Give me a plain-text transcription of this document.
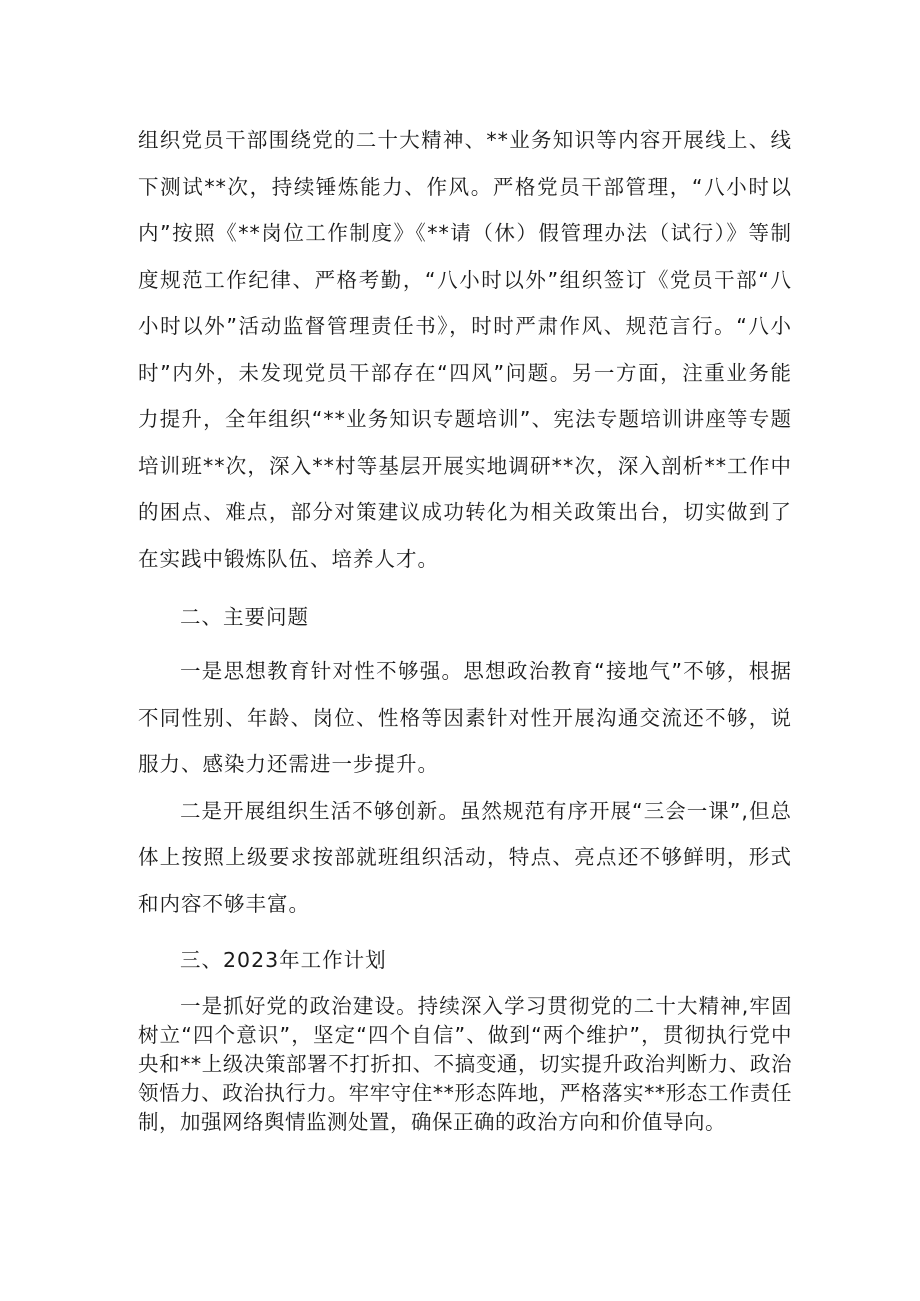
组织党员干部围绕党的二十大精神、**业务知识等内容开展线上、线下测试**次，持续锤炼能力、作风。严格党员干部管理，“八小时以内”按照《**岗位工作制度》《**请（休）假管理办法（试行）》等制度规范工作纪律、严格考勤，“八小时以外”组织签订《党员干部“八小时以外”活动监督管理责任书》，时时严肃作风、规范言行。“八小时”内外，未发现党员干部存在“四风”问题。另一方面，注重业务能力提升，全年组织“**业务知识专题培训”、宪法专题培训讲座等专题培训班**次，深入**村等基层开展实地调研**次，深入剖析**工作中的困点、难点，部分对策建议成功转化为相关政策出台，切实做到了在实践中锻炼队伍、培养人才。

二、主要问题

一是思想教育针对性不够强。思想政治教育“接地气”不够，根据不同性别、年龄、岗位、性格等因素针对性开展沟通交流还不够，说服力、感染力还需进一步提升。

二是开展组织生活不够创新。虽然规范有序开展“三会一课”,但总体上按照上级要求按部就班组织活动，特点、亮点还不够鲜明，形式和内容不够丰富。

三、2023年工作计划

一是抓好党的政治建设。持续深入学习贯彻党的二十大精神,牢固树立“四个意识”，坚定“四个自信”、做到“两个维护”，贯彻执行党中央和**上级决策部署不打折扣、不搞变通，切实提升政治判断力、政治领悟力、政治执行力。牢牢守住**形态阵地，严格落实**形态工作责任制，加强网络舆情监测处置，确保正确的政治方向和价值导向。
